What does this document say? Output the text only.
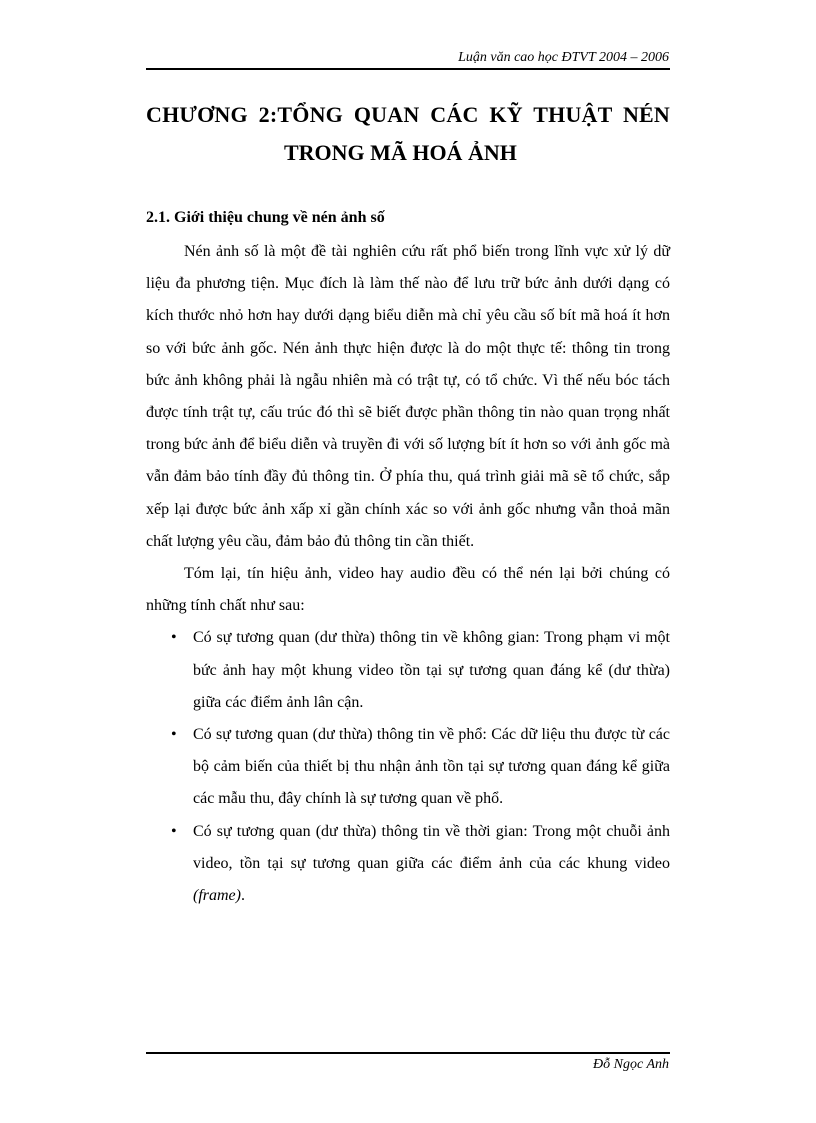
Luận văn cao học ĐTVT 2004 – 2006
CHƯƠNG 2:TỔNG QUAN CÁC KỸ THUẬT NÉN
TRONG MÃ HOÁ ẢNH
2.1. Giới thiệu chung về nén ảnh số

Nén ảnh số là một đề tài nghiên cứu rất phổ biến trong lĩnh vực xử lý dữ liệu đa phương tiện. Mục đích là làm thế nào để lưu trữ bức ảnh dưới dạng có kích thước nhỏ hơn hay dưới dạng biểu diễn mà chỉ yêu cầu số bít mã hoá ít hơn so với bức ảnh gốc. Nén ảnh thực hiện được là do một thực tế: thông tin trong bức ảnh không phải là ngẫu nhiên mà có trật tự, có tổ chức. Vì thế nếu bóc tách được tính trật tự, cấu trúc đó thì sẽ biết được phần thông tin nào quan trọng nhất trong bức ảnh để biểu diễn và truyền đi với số lượng bít ít hơn so với ảnh gốc mà vẫn đảm bảo tính đầy đủ thông tin. Ở phía thu, quá trình giải mã sẽ tổ chức, sắp xếp lại được bức ảnh xấp xỉ gần chính xác so với ảnh gốc nhưng vẫn thoả mãn chất lượng yêu cầu, đảm bảo đủ thông tin cần thiết.

Tóm lại, tín hiệu ảnh, video hay audio đều có thể nén lại bởi chúng có những tính chất như sau:

• Có sự tương quan (dư thừa) thông tin về không gian: Trong phạm vi một bức ảnh hay một khung video tồn tại sự tương quan đáng kể (dư thừa) giữa các điểm ảnh lân cận.
• Có sự tương quan (dư thừa) thông tin về phổ: Các dữ liệu thu được từ các bộ cảm biến của thiết bị thu nhận ảnh tồn tại sự tương quan đáng kể giữa các mẫu thu, đây chính là sự tương quan về phổ.
• Có sự tương quan (dư thừa) thông tin về thời gian: Trong một chuỗi ảnh video, tồn tại sự tương quan giữa các điểm ảnh của các khung video (frame).
Đỗ Ngọc Anh
